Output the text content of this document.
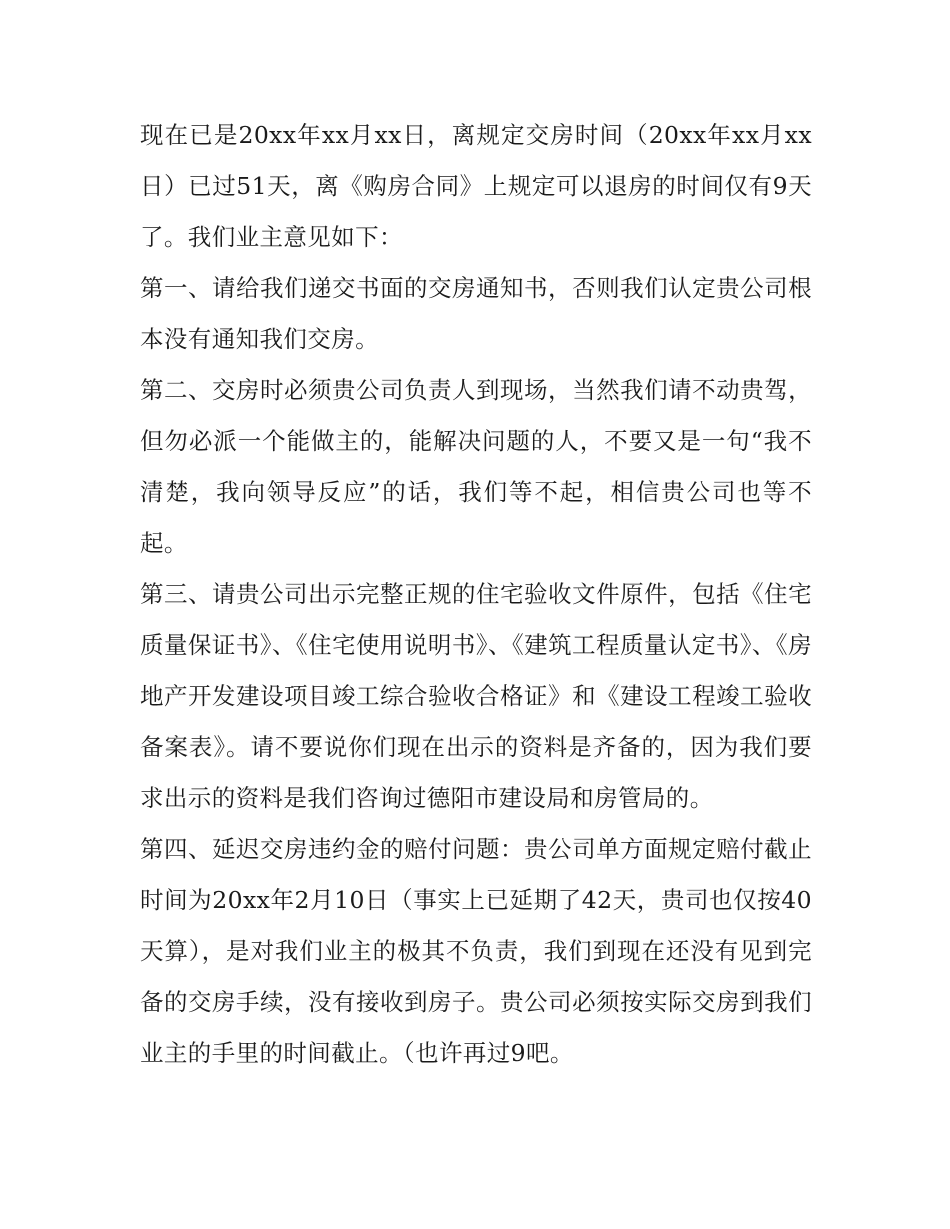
现在已是20xx年xx月xx日，离规定交房时间（20xx年xx月xx日）已过51天，离《购房合同》上规定可以退房的时间仅有9天了。我们业主意见如下：

第一、请给我们递交书面的交房通知书，否则我们认定贵公司根本没有通知我们交房。

第二、交房时必须贵公司负责人到现场，当然我们请不动贵驾，但勿必派一个能做主的，能解决问题的人，不要又是一句“我不清楚，我向领导反应”的话，我们等不起，相信贵公司也等不起。

第三、请贵公司出示完整正规的住宅验收文件原件，包括《住宅质量保证书》、《住宅使用说明书》、《建筑工程质量认定书》、《房地产开发建设项目竣工综合验收合格证》和《建设工程竣工验收备案表》。请不要说你们现在出示的资料是齐备的，因为我们要求出示的资料是我们咨询过德阳市建设局和房管局的。

第四、延迟交房违约金的赔付问题：贵公司单方面规定赔付截止时间为20xx年2月10日（事实上已延期了42天，贵司也仅按40天算），是对我们业主的极其不负责，我们到现在还没有见到完备的交房手续，没有接收到房子。贵公司必须按实际交房到我们业主的手里的时间截止。（也许再过9吧。
